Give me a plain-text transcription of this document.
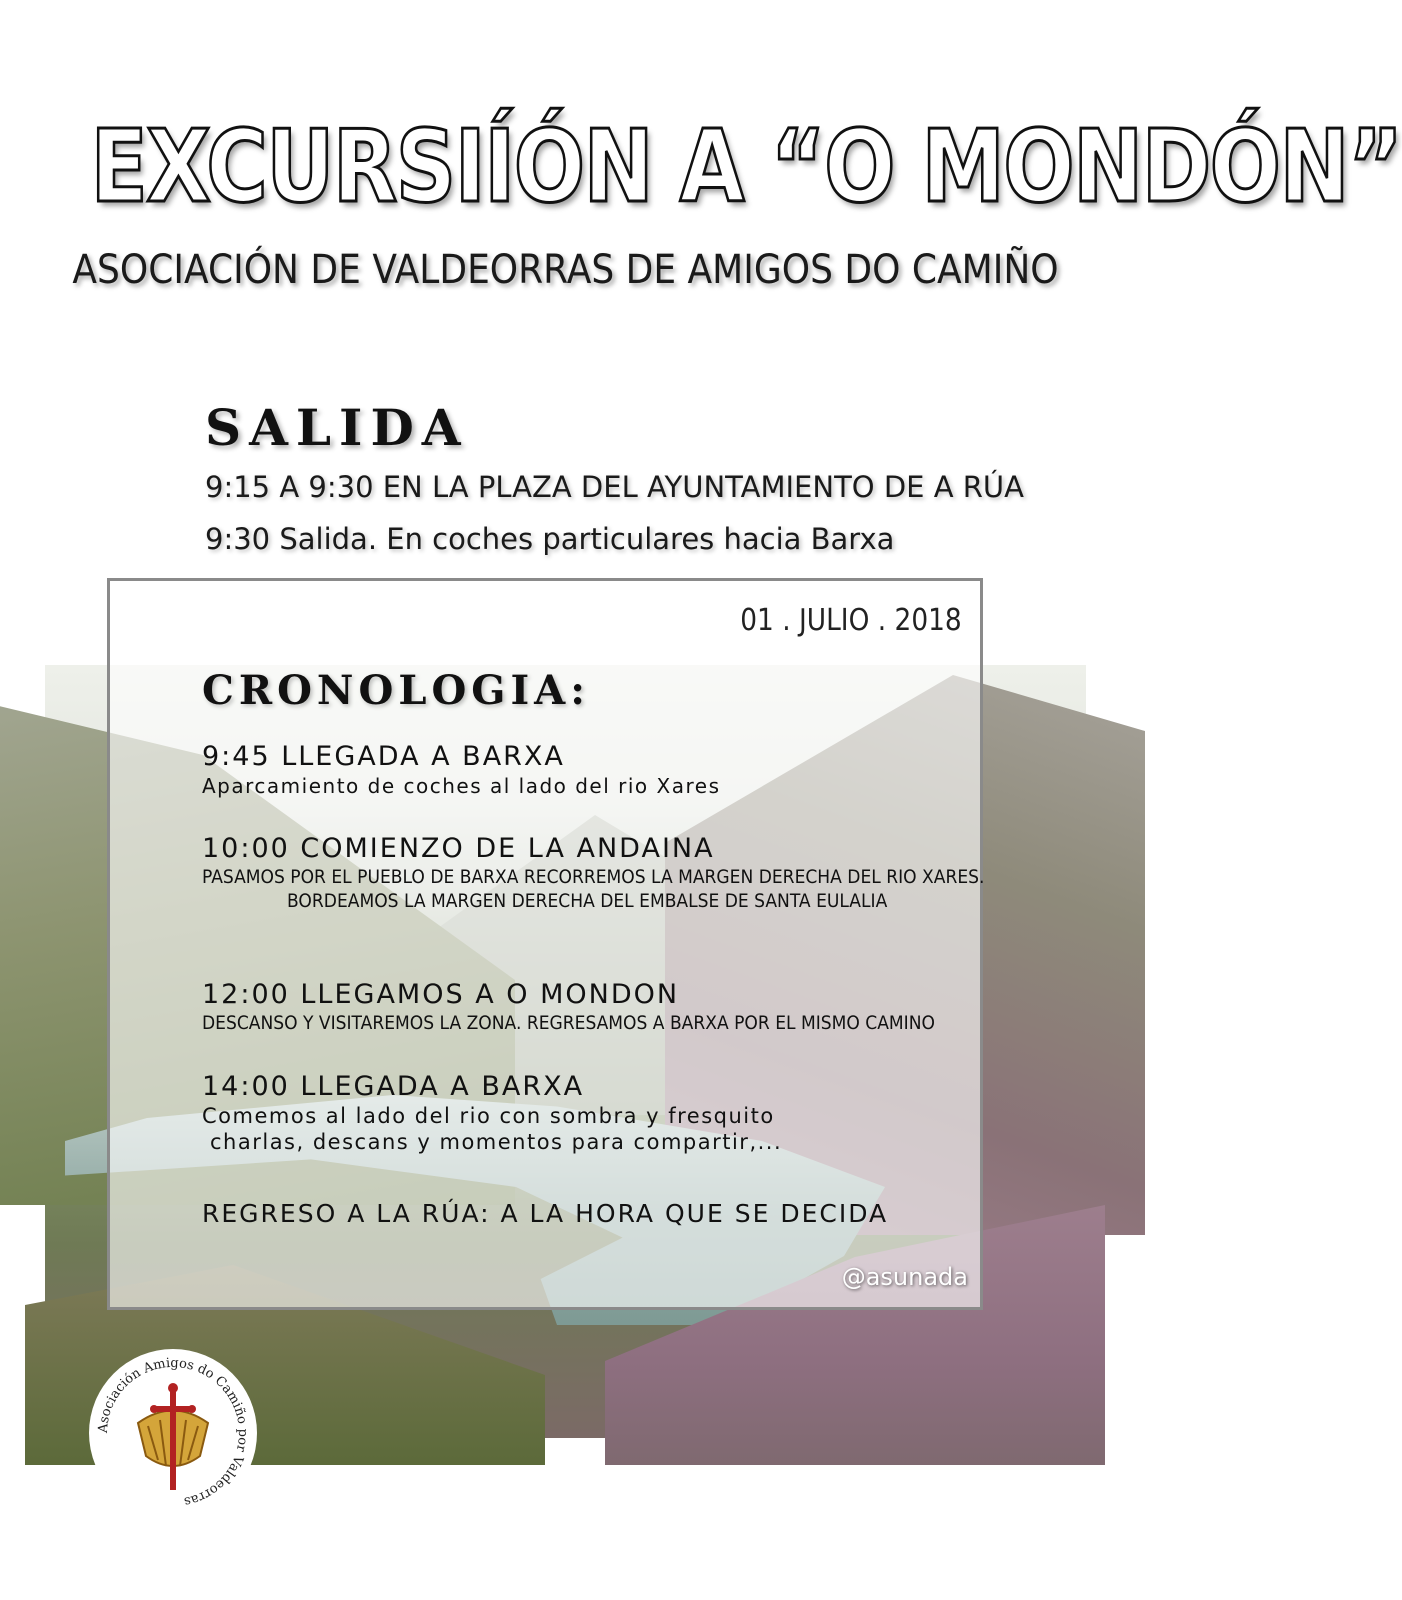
EXCURSIÍÓN A “O MONDÓN”
ASOCIACIÓN DE VALDEORRAS DE AMIGOS DO CAMIÑO
SALIDA
9:15 A 9:30 EN LA PLAZA DEL AYUNTAMIENTO DE A RÚA
9:30 Salida. En coches particulares hacia Barxa
01 . JULIO . 2018
CRONOLOGIA:
9:45 LLEGADA A BARXA
Aparcamiento de coches al lado del rio Xares
10:00 COMIENZO DE LA ANDAINA
PASAMOS POR EL PUEBLO DE BARXA RECORREMOS LA MARGEN DERECHA DEL RIO XARES.
BORDEAMOS LA MARGEN DERECHA DEL EMBALSE DE SANTA EULALIA
12:00 LLEGAMOS A O MONDON
DESCANSO Y VISITAREMOS LA ZONA. REGRESAMOS A BARXA POR EL MISMO CAMINO
14:00 LLEGADA A BARXA
Comemos al lado del rio con sombra y fresquito
charlas, descans y momentos para compartir,...
REGRESO A LA RÚA: A LA HORA QUE SE DECIDA
@asunada
Asociación Amigos do Camiño por Valdeorras
